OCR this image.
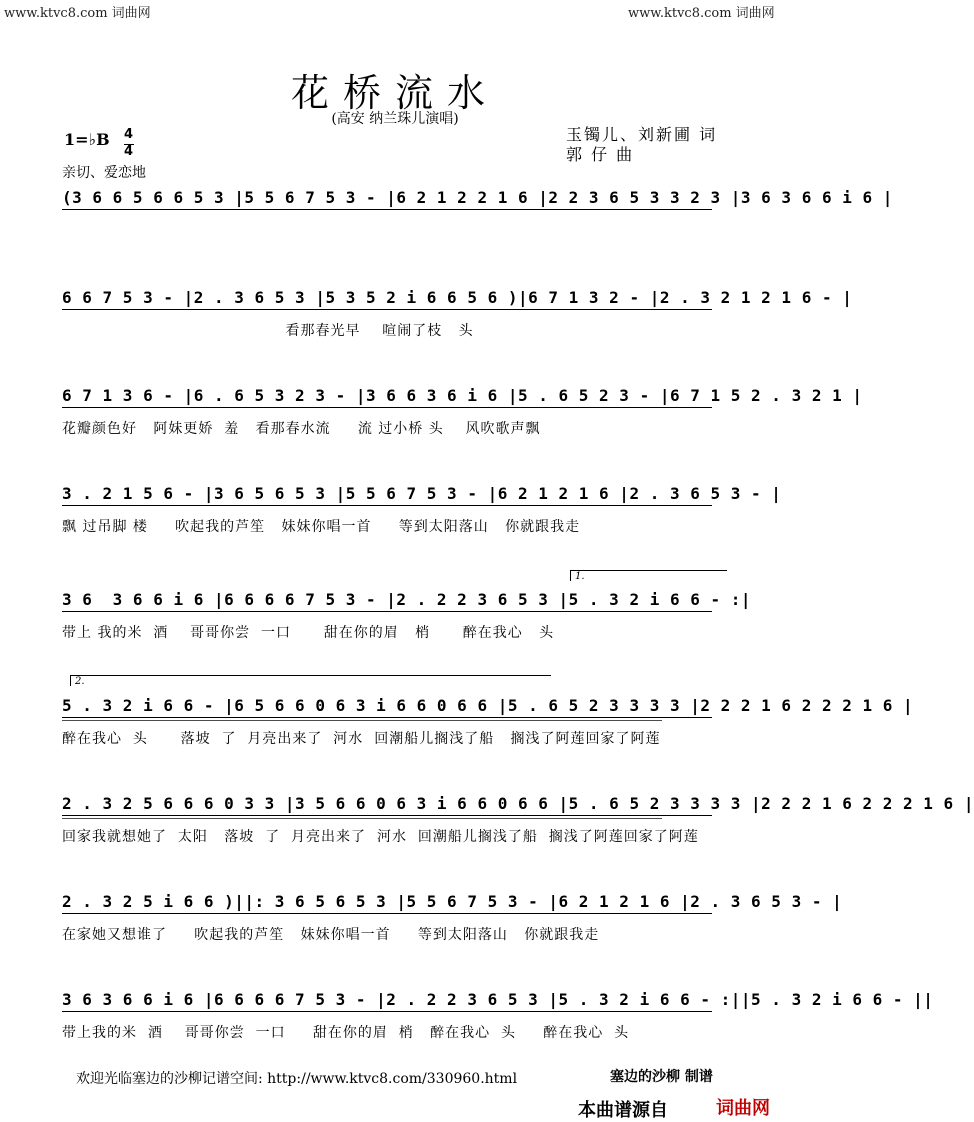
www.ktvc8.com 词曲网	www.ktvc8.com 词曲网
花桥流水
(高安 纳兰珠儿演唱)
玉镯儿、刘新圃 词
郭 仔 曲
1=♭B 4
4
亲切、爱恋地
1.
2.
(3 6 6 5 6 6 5 3 |5 5 6 7 5 3 - |6 2 1 2 2 1 6 |2 2 3 6 5 3 3 2 3 |3 6 3 6 6 i 6 |
6 6 7 5 3 - |2 . 3 6 5 3 |5 3 5 2 i 6 6 5 6 )|6 7 1 3 2 - |2 . 3 2 1 2 1 6 - |
看那春光早    喧闹了枝   头
6 7 1 3 6 - |6 . 6 5 3 2 3 - |3 6 6 3 6 i 6 |5 . 6 5 2 3 - |6 7 1 5 2 . 3 2 1 |
花瓣颜色好   阿妹更娇  羞   看那春水流     流 过小桥 头    风吹歌声飘
3 . 2 1 5 6 - |3 6 5 6 5 3 |5 5 6 7 5 3 - |6 2 1 2 1 6 |2 . 3 6 5 3 - |
飘 过吊脚 楼     吹起我的芦笙   妹妹你唱一首     等到太阳落山   你就跟我走
3 6  3 6 6 i 6 |6 6 6 6 7 5 3 - |2 . 2 2 3 6 5 3 |5 . 3 2 i 6 6 - :|
带上 我的米  酒    哥哥你尝  一口      甜在你的眉   梢      醉在我心   头
5 . 3 2 i 6 6 - |6 5 6 6 0 6 3 i 6 6 0 6 6 |5 . 6 5 2 3 3 3 3 |2 2 2 1 6 2 2 2 1 6 |
醉在我心  头      落坡  了  月亮出来了  河水  回潮船儿搁浅了船   搁浅了阿莲回家了阿莲
2 . 3 2 5 6 6 6 0 3 3 |3 5 6 6 0 6 3 i 6 6 0 6 6 |5 . 6 5 2 3 3 3 3 |2 2 2 1 6 2 2 2 1 6 |
回家我就想她了  太阳   落坡  了  月亮出来了  河水  回潮船儿搁浅了船  搁浅了阿莲回家了阿莲
2 . 3 2 5 i 6 6 )||: 3 6 5 6 5 3 |5 5 6 7 5 3 - |6 2 1 2 1 6 |2 . 3 6 5 3 - |
在家她又想谁了     吹起我的芦笙   妹妹你唱一首     等到太阳落山   你就跟我走
3 6 3 6 6 i 6 |6 6 6 6 7 5 3 - |2 . 2 2 3 6 5 3 |5 . 3 2 i 6 6 - :||5 . 3 2 i 6 6 - ||
带上我的米  酒    哥哥你尝  一口     甜在你的眉  梢   醉在我心  头     醉在我心  头
欢迎光临塞边的沙柳记谱空间: http://www.ktvc8.com/330960.html	塞边的沙柳 制谱
本曲谱源自	词曲网
